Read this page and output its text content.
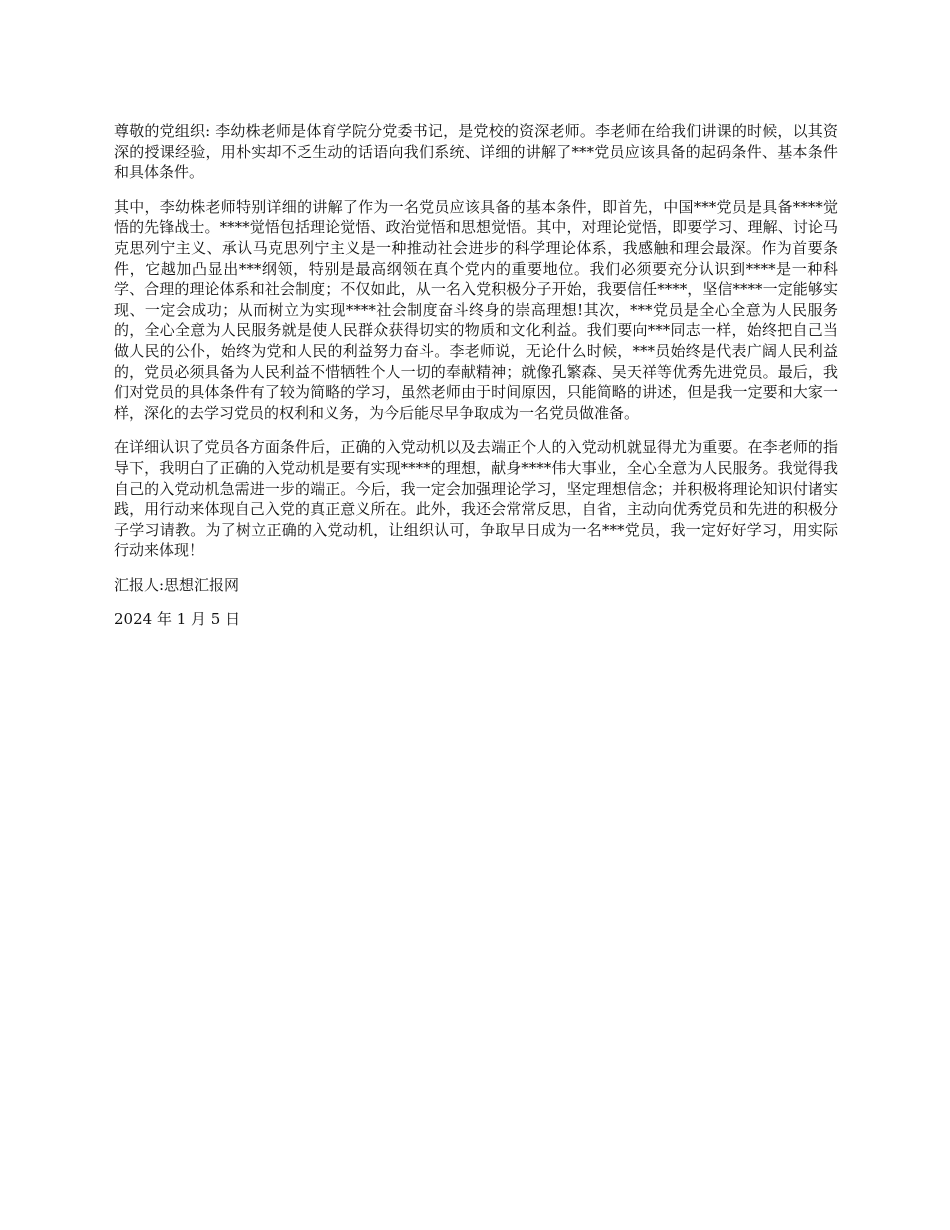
尊敬的党组织: 李幼株老师是体育学院分党委书记，是党校的资深老师。李老师在给我们讲课的时候，以其资深的授课经验，用朴实却不乏生动的话语向我们系统、详细的讲解了***党员应该具备的起码条件、基本条件和具体条件。

其中，李幼株老师特别详细的讲解了作为一名党员应该具备的基本条件，即首先，中国***党员是具备****觉悟的先锋战士。****觉悟包括理论觉悟、政治觉悟和思想觉悟。其中，对理论觉悟，即要学习、理解、讨论马克思列宁主义、承认马克思列宁主义是一种推动社会进步的科学理论体系，我感触和理会最深。作为首要条件，它越加凸显出***纲领，特别是最高纲领在真个党内的重要地位。我们必须要充分认识到****是一种科学、合理的理论体系和社会制度；不仅如此，从一名入党积极分子开始，我要信任****，坚信****一定能够实现、一定会成功；从而树立为实现****社会制度奋斗终身的崇高理想!其次，***党员是全心全意为人民服务的，全心全意为人民服务就是使人民群众获得切实的物质和文化利益。我们要向***同志一样，始终把自己当做人民的公仆，始终为党和人民的利益努力奋斗。李老师说，无论什么时候，***员始终是代表广阔人民利益的，党员必须具备为人民利益不惜牺牲个人一切的奉献精神；就像孔繁森、吴天祥等优秀先进党员。最后，我们对党员的具体条件有了较为简略的学习，虽然老师由于时间原因，只能简略的讲述，但是我一定要和大家一样，深化的去学习党员的权利和义务，为今后能尽早争取成为一名党员做准备。

在详细认识了党员各方面条件后，正确的入党动机以及去端正个人的入党动机就显得尤为重要。在李老师的指导下，我明白了正确的入党动机是要有实现****的理想，献身****伟大事业，全心全意为人民服务。我觉得我自己的入党动机急需进一步的端正。今后，我一定会加强理论学习，坚定理想信念；并积极将理论知识付诸实践，用行动来体现自己入党的真正意义所在。此外，我还会常常反思，自省，主动向优秀党员和先进的积极分子学习请教。为了树立正确的入党动机，让组织认可，争取早日成为一名***党员，我一定好好学习，用实际行动来体现！

汇报人:思想汇报网

2024 年 1 月 5 日
